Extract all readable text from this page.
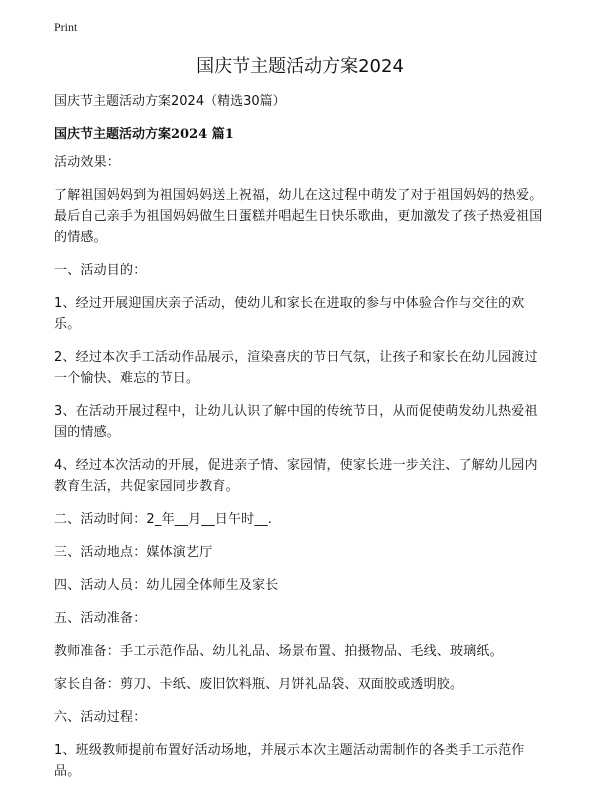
Print
国庆节主题活动方案2024

国庆节主题活动方案2024（精选30篇）

国庆节主题活动方案2024 篇1

活动效果：

了解祖国妈妈到为祖国妈妈送上祝福，幼儿在这过程中萌发了对于祖国妈妈的热爱。最后自己亲手为祖国妈妈做生日蛋糕并唱起生日快乐歌曲，更加激发了孩子热爱祖国的情感。

一、活动目的：

1、经过开展迎国庆亲子活动，使幼儿和家长在进取的参与中体验合作与交往的欢乐。

2、经过本次手工活动作品展示，渲染喜庆的节日气氛，让孩子和家长在幼儿园渡过一个愉快、难忘的节日。

3、在活动开展过程中，让幼儿认识了解中国的传统节日，从而促使萌发幼儿热爱祖国的情感。

4、经过本次活动的开展，促进亲子情、家园情，使家长进一步关注、了解幼儿园内教育生活，共促家园同步教育。

二、活动时间：2_年__月__日午时__.

三、活动地点：媒体演艺厅

四、活动人员：幼儿园全体师生及家长

五、活动准备：

教师准备：手工示范作品、幼儿礼品、场景布置、拍摄物品、毛线、玻璃纸。

家长自备：剪刀、卡纸、废旧饮料瓶、月饼礼品袋、双面胶或透明胶。

六、活动过程：

1、班级教师提前布置好活动场地，并展示本次主题活动需制作的各类手工示范作品。
